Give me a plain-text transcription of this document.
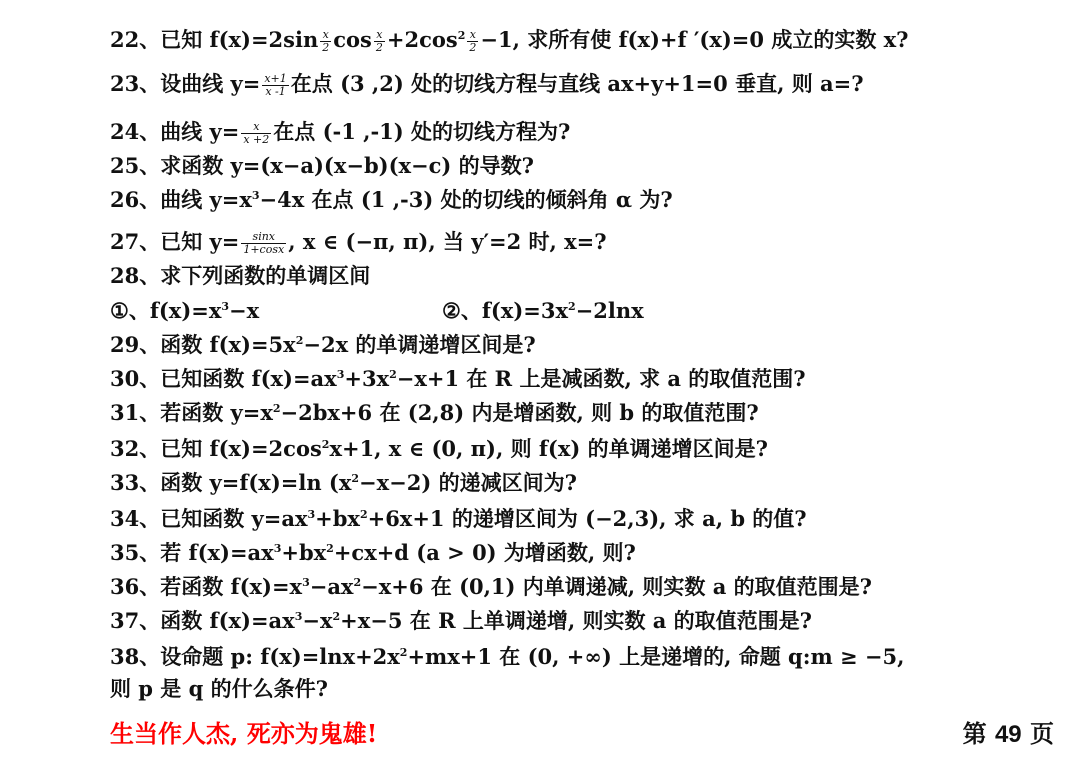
22、已知 $f(x)=2\sin \frac{x}{2}$ $\cos \frac{x}{2} +2\cos^2 \frac{x}{2} -1$, 求所有使 f(x)+f ′(x)=0 成立的实数 x?
23、设曲线 $y= \frac{x+1}{x -1}$ 在点 (3 ,2) 处的切线方程与直线 ax+y+1=0 垂直, 则 a=?
24、曲线 $y= \frac{x}{x +2}$ 在点 (-1 ,-1) 处的切线方程为?
25、求函数 y=(x−a)(x−b)(x−c) 的导数?
26、曲线 $y=x^3-4x$ 在点 (1 ,-3) 处的切线的倾斜角 α 为?
27、已知 $y= \frac{\sin x}{1+\cos x}$ , x ∈ (−π, π), 当 y′=2 时, x=?
28、求下列函数的单调区间
①、$f(x)=x^3-x$	②、$f(x)=3x^2-2\ln x$
29、函数 $f(x)=5x^2-2x$ 的单调递增区间是?
30、已知函数 $f(x)=ax^3+3x^2-x+1$ 在 R 上是减函数, 求 a 的取值范围?
31、若函数 $y=x^2-2bx+6$ 在 (2,8) 内是增函数, 则 b 的取值范围?
32、已知 $f(x)=2\cos^2x+1$, x ∈ (0, π), 则 f(x) 的单调递增区间是?
33、函数 y=f(x)=ln $(x^2-x-2)$ 的递减区间为?
34、已知函数 $y=ax^3+bx^2+6x+1$ 的递增区间为 (−2,3), 求 a, b 的值?
35、若 $f(x)=ax^3+bx^2+cx+d$ (a > 0) 为增函数, 则?
36、若函数 $f(x)=x^3-ax^2-x+6$ 在 (0,1) 内单调递减, 则实数 a 的取值范围是?
37、函数 $f(x)=ax^3-x^2+x-5$ 在 R 上单调递增, 则实数 a 的取值范围是?
38、设命题 p: $f(x)=\ln x+2x^2+mx+1$ 在 (0, +∞) 上是递增的, 命题 q:m ≥ −5,
则 p 是 q 的什么条件?
生当作人杰, 死亦为鬼雄!	第 49 页
